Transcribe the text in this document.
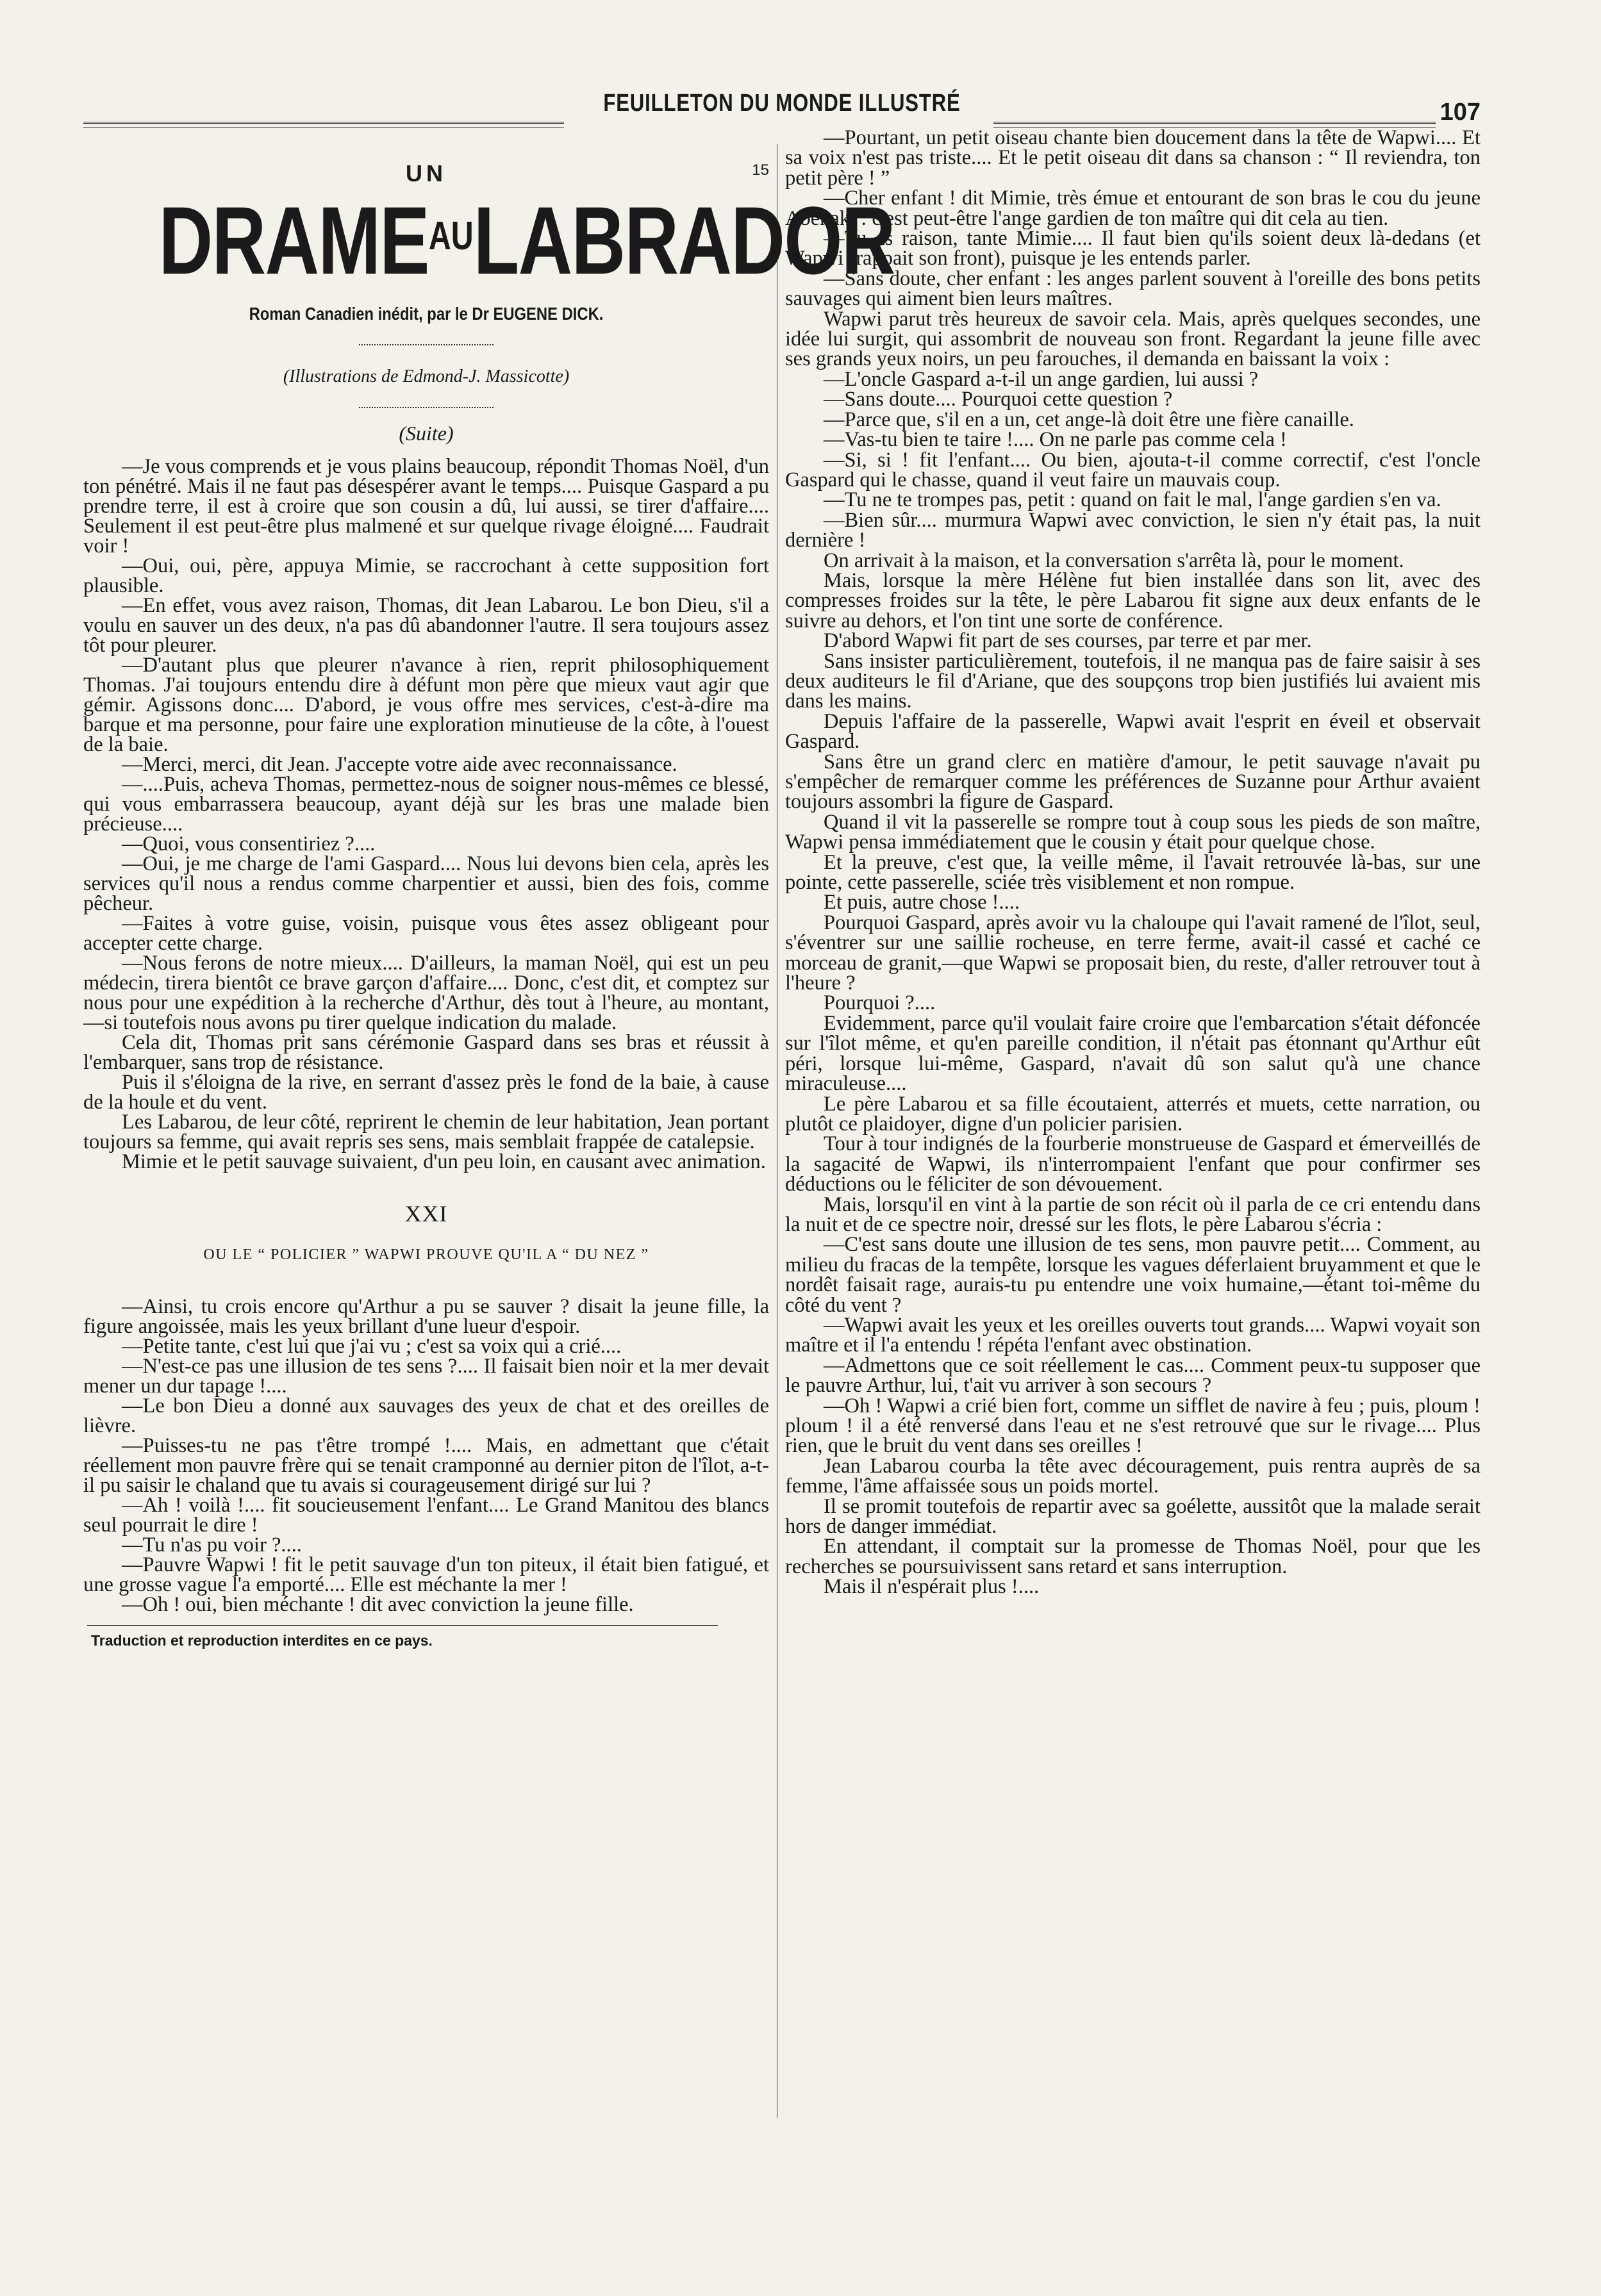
FEUILLETON DU MONDE ILLUSTRÉ	107
UN	15
$DRAME^{AU}LABRADOR$
Roman Canadien inédit, par le Dr EUGENE DICK.
(Illustrations de Edmond-J. Massicotte)
(Suite)

—Je vous comprends et je vous plains beaucoup, répondit Thomas Noël, d'un ton pénétré. Mais il ne faut pas désespérer avant le temps.... Puisque Gaspard a pu prendre terre, il est à croire que son cousin a dû, lui aussi, se tirer d'affaire.... Seulement il est peut-être plus malmené et sur quelque rivage éloigné.... Faudrait voir !

—Oui, oui, père, appuya Mimie, se raccrochant à cette supposition fort plausible.

—En effet, vous avez raison, Thomas, dit Jean Labarou. Le bon Dieu, s'il a voulu en sauver un des deux, n'a pas dû abandonner l'autre. Il sera toujours assez tôt pour pleurer.

—D'autant plus que pleurer n'avance à rien, reprit philosophiquement Thomas. J'ai toujours entendu dire à défunt mon père que mieux vaut agir que gémir. Agissons donc.... D'abord, je vous offre mes services, c'est-à-dire ma barque et ma personne, pour faire une exploration minutieuse de la côte, à l'ouest de la baie.

—Merci, merci, dit Jean. J'accepte votre aide avec reconnaissance.

—....Puis, acheva Thomas, permettez-nous de soigner nous-mêmes ce blessé, qui vous embarrassera beaucoup, ayant déjà sur les bras une malade bien précieuse....

—Quoi, vous consentiriez ?....

—Oui, je me charge de l'ami Gaspard.... Nous lui devons bien cela, après les services qu'il nous a rendus comme charpentier et aussi, bien des fois, comme pêcheur.

—Faites à votre guise, voisin, puisque vous êtes assez obligeant pour accepter cette charge.

—Nous ferons de notre mieux.... D'ailleurs, la maman Noël, qui est un peu médecin, tirera bientôt ce brave garçon d'affaire.... Donc, c'est dit, et comptez sur nous pour une expédition à la recherche d'Arthur, dès tout à l'heure, au montant,—si toutefois nous avons pu tirer quelque indication du malade.

Cela dit, Thomas prit sans cérémonie Gaspard dans ses bras et réussit à l'embarquer, sans trop de résistance.

Puis il s'éloigna de la rive, en serrant d'assez près le fond de la baie, à cause de la houle et du vent.

Les Labarou, de leur côté, reprirent le chemin de leur habitation, Jean portant toujours sa femme, qui avait repris ses sens, mais semblait frappée de catalepsie.

Mimie et le petit sauvage suivaient, d'un peu loin, en causant avec animation.

XXI
OU LE “ POLICIER ” WAPWI PROUVE QU'IL A “ DU NEZ ”

—Ainsi, tu crois encore qu'Arthur a pu se sauver ? disait la jeune fille, la figure angoissée, mais les yeux brillant d'une lueur d'espoir.

—Petite tante, c'est lui que j'ai vu ; c'est sa voix qui a crié....

—N'est-ce pas une illusion de tes sens ?.... Il faisait bien noir et la mer devait mener un dur tapage !....

—Le bon Dieu a donné aux sauvages des yeux de chat et des oreilles de lièvre.

—Puisses-tu ne pas t'être trompé !.... Mais, en admettant que c'était réellement mon pauvre frère qui se tenait cramponné au dernier piton de l'îlot, a-t-il pu saisir le chaland que tu avais si courageusement dirigé sur lui ?

—Ah ! voilà !.... fit soucieusement l'enfant.... Le Grand Manitou des blancs seul pourrait le dire !

—Tu n'as pu voir ?....

—Pauvre Wapwi ! fit le petit sauvage d'un ton piteux, il était bien fatigué, et une grosse vague l'a emporté.... Elle est méchante la mer !

—Oh ! oui, bien méchante ! dit avec conviction la jeune fille.

Traduction et reproduction interdites en ce pays.

—Pourtant, un petit oiseau chante bien doucement dans la tête de Wapwi.... Et sa voix n'est pas triste.... Et le petit oiseau dit dans sa chanson : “ Il reviendra, ton petit père ! ”

—Cher enfant ! dit Mimie, très émue et entourant de son bras le cou du jeune Abénaki : c'est peut-être l'ange gardien de ton maître qui dit cela au tien.

—Tu as raison, tante Mimie.... Il faut bien qu'ils soient deux là-dedans (et Wapwi frappait son front), puisque je les entends parler.

—Sans doute, cher enfant : les anges parlent souvent à l'oreille des bons petits sauvages qui aiment bien leurs maîtres.

Wapwi parut très heureux de savoir cela. Mais, après quelques secondes, une idée lui surgit, qui assombrit de nouveau son front. Regardant la jeune fille avec ses grands yeux noirs, un peu farouches, il demanda en baissant la voix :

—L'oncle Gaspard a-t-il un ange gardien, lui aussi ?

—Sans doute.... Pourquoi cette question ?

—Parce que, s'il en a un, cet ange-là doit être une fière canaille.

—Vas-tu bien te taire !.... On ne parle pas comme cela !

—Si, si ! fit l'enfant.... Ou bien, ajouta-t-il comme correctif, c'est l'oncle Gaspard qui le chasse, quand il veut faire un mauvais coup.

—Tu ne te trompes pas, petit : quand on fait le mal, l'ange gardien s'en va.

—Bien sûr.... murmura Wapwi avec conviction, le sien n'y était pas, la nuit dernière !

On arrivait à la maison, et la conversation s'arrêta là, pour le moment.

Mais, lorsque la mère Hélène fut bien installée dans son lit, avec des compresses froides sur la tête, le père Labarou fit signe aux deux enfants de le suivre au dehors, et l'on tint une sorte de conférence.

D'abord Wapwi fit part de ses courses, par terre et par mer.

Sans insister particulièrement, toutefois, il ne manqua pas de faire saisir à ses deux auditeurs le fil d'Ariane, que des soupçons trop bien justifiés lui avaient mis dans les mains.

Depuis l'affaire de la passerelle, Wapwi avait l'esprit en éveil et observait Gaspard.

Sans être un grand clerc en matière d'amour, le petit sauvage n'avait pu s'empêcher de remarquer comme les préférences de Suzanne pour Arthur avaient toujours assombri la figure de Gaspard.

Quand il vit la passerelle se rompre tout à coup sous les pieds de son maître, Wapwi pensa immédiatement que le cousin y était pour quelque chose.

Et la preuve, c'est que, la veille même, il l'avait retrouvée là-bas, sur une pointe, cette passerelle, sciée très visiblement et non rompue.

Et puis, autre chose !....

Pourquoi Gaspard, après avoir vu la chaloupe qui l'avait ramené de l'îlot, seul, s'éventrer sur une saillie rocheuse, en terre ferme, avait-il cassé et caché ce morceau de granit,—que Wapwi se proposait bien, du reste, d'aller retrouver tout à l'heure ?

Pourquoi ?....

Evidemment, parce qu'il voulait faire croire que l'embarcation s'était défoncée sur l'îlot même, et qu'en pareille condition, il n'était pas étonnant qu'Arthur eût péri, lorsque lui-même, Gaspard, n'avait dû son salut qu'à une chance miraculeuse....

Le père Labarou et sa fille écoutaient, atterrés et muets, cette narration, ou plutôt ce plaidoyer, digne d'un policier parisien.

Tour à tour indignés de la fourberie monstrueuse de Gaspard et émerveillés de la sagacité de Wapwi, ils n'interrompaient l'enfant que pour confirmer ses déductions ou le féliciter de son dévouement.

Mais, lorsqu'il en vint à la partie de son récit où il parla de ce cri entendu dans la nuit et de ce spectre noir, dressé sur les flots, le père Labarou s'écria :

—C'est sans doute une illusion de tes sens, mon pauvre petit.... Comment, au milieu du fracas de la tempête, lorsque les vagues déferlaient bruyamment et que le nordêt faisait rage, aurais-tu pu entendre une voix humaine,—étant toi-même du côté du vent ?

—Wapwi avait les yeux et les oreilles ouverts tout grands.... Wapwi voyait son maître et il l'a entendu ! répéta l'enfant avec obstination.

—Admettons que ce soit réellement le cas.... Comment peux-tu supposer que le pauvre Arthur, lui, t'ait vu arriver à son secours ?

—Oh ! Wapwi a crié bien fort, comme un sifflet de navire à feu ; puis, ploum ! ploum ! il a été renversé dans l'eau et ne s'est retrouvé que sur le rivage.... Plus rien, que le bruit du vent dans ses oreilles !

Jean Labarou courba la tête avec découragement, puis rentra auprès de sa femme, l'âme affaissée sous un poids mortel.

Il se promit toutefois de repartir avec sa goélette, aussitôt que la malade serait hors de danger immédiat.

En attendant, il comptait sur la promesse de Thomas Noël, pour que les recherches se poursuivissent sans retard et sans interruption.

Mais il n'espérait plus !....
